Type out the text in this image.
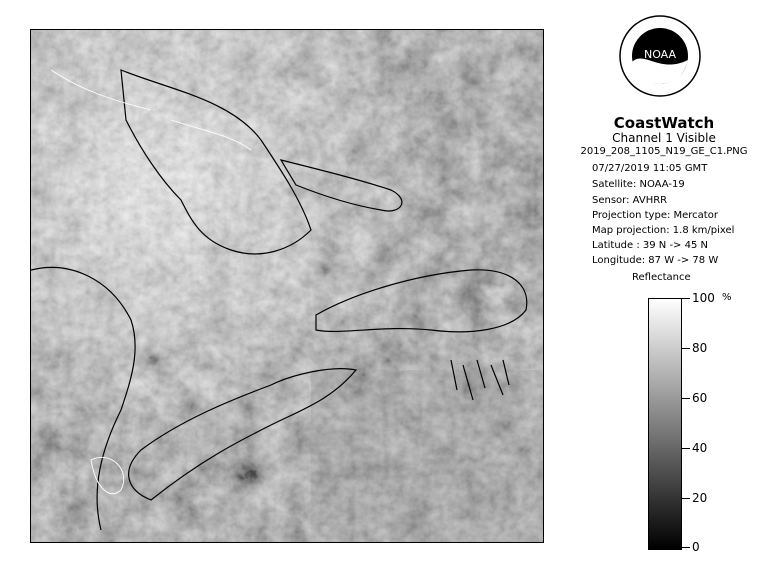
NOAA
CoastWatch
Channel 1 Visible
2019_208_1105_N19_GE_C1.PNG
07/27/2019 11:05 GMT
Satellite: NOAA-19
Sensor: AVHRR
Projection type: Mercator
Map projection: 1.8 km/pixel
Latitude : 39 N -> 45 N
Longitude: 87 W -> 78 W
Reflectance
%
100
80
60
40
20
0
